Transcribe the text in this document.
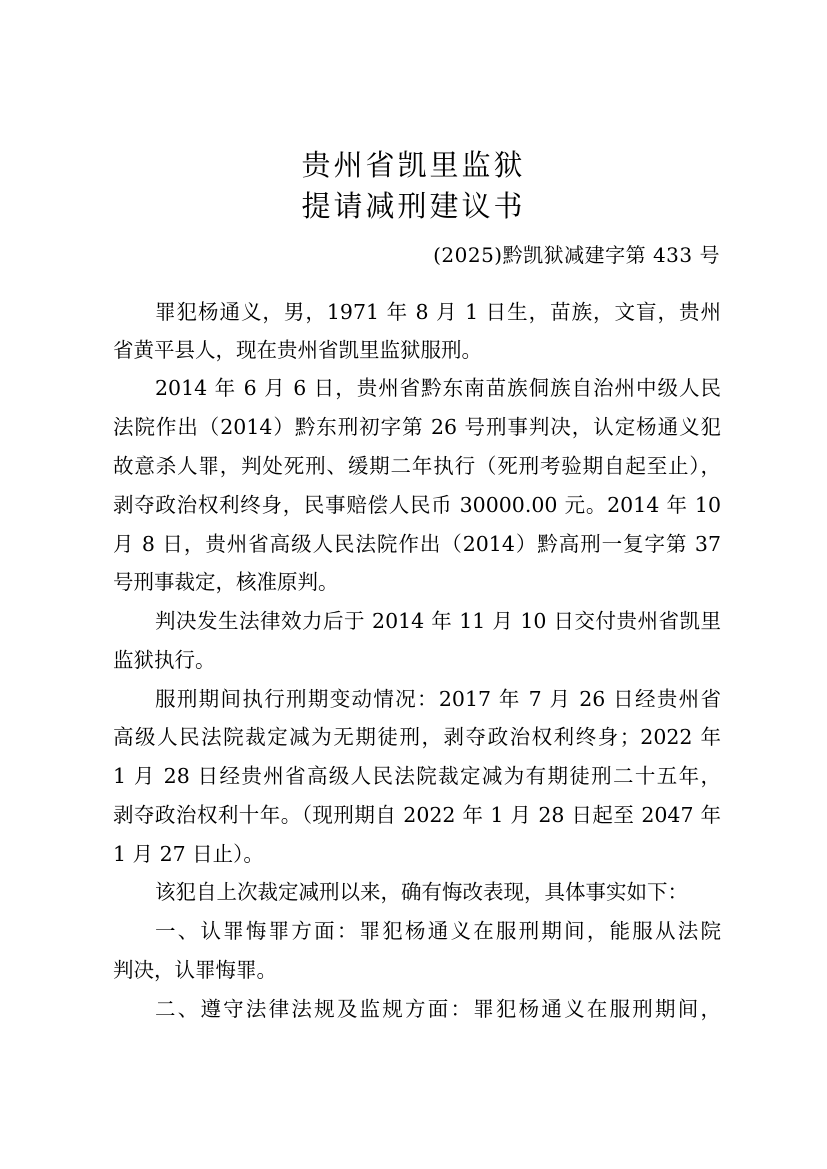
贵州省凯里监狱
提请减刑建议书
(2025)黔凯狱减建字第 433 号
罪犯杨通义，男，1971 年 8 月 1 日生，苗族，文盲，贵州
省黄平县人，现在贵州省凯里监狱服刑。
2014 年 6 月 6 日，贵州省黔东南苗族侗族自治州中级人民
法院作出（2014）黔东刑初字第 26 号刑事判决，认定杨通义犯
故意杀人罪，判处死刑、缓期二年执行（死刑考验期自起至止），
剥夺政治权利终身，民事赔偿人民币 30000.00 元。2014 年 10
月 8 日，贵州省高级人民法院作出（2014）黔高刑一复字第 37
号刑事裁定，核准原判。
判决发生法律效力后于 2014 年 11 月 10 日交付贵州省凯里
监狱执行。
服刑期间执行刑期变动情况：2017 年 7 月 26 日经贵州省
高级人民法院裁定减为无期徒刑，剥夺政治权利终身；2022 年
1 月 28 日经贵州省高级人民法院裁定减为有期徒刑二十五年，
剥夺政治权利十年。（现刑期自 2022 年 1 月 28 日起至 2047 年
1 月 27 日止）。
该犯自上次裁定减刑以来，确有悔改表现，具体事实如下：
一、认罪悔罪方面：罪犯杨通义在服刑期间，能服从法院
判决，认罪悔罪。
二、遵守法律法规及监规方面：罪犯杨通义在服刑期间，
